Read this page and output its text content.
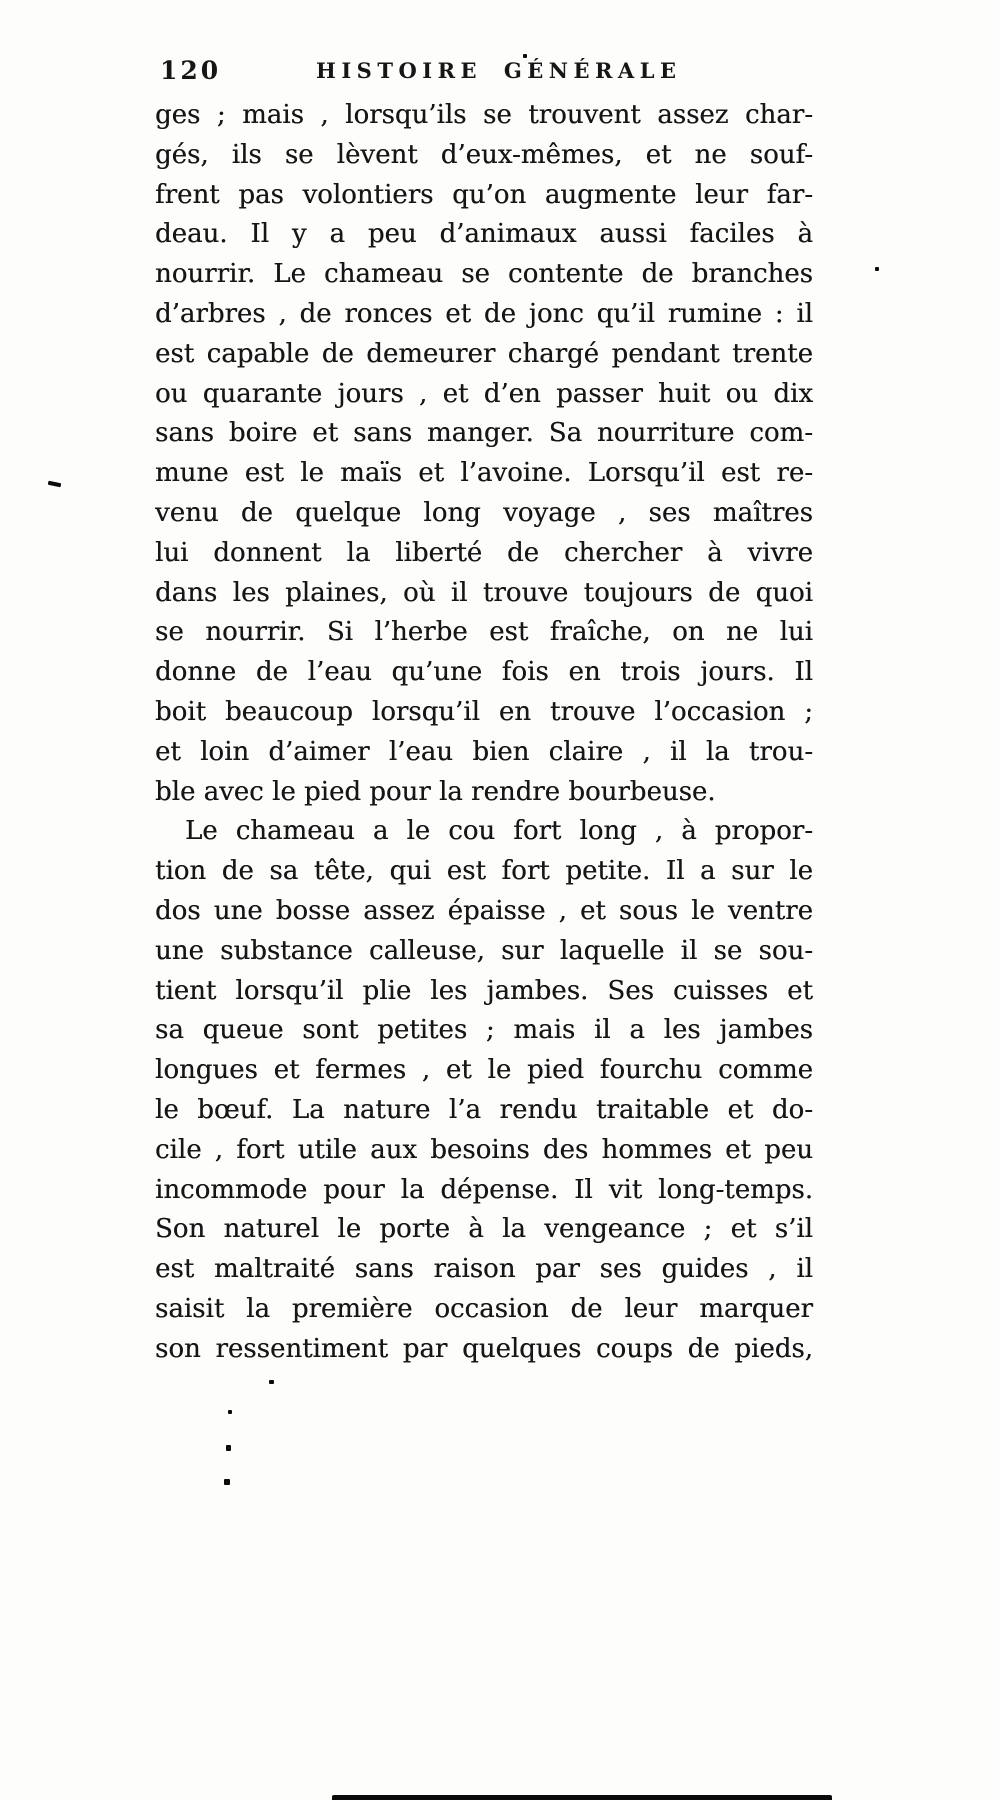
120	HISTOIRE GÉNÉRALE
ges ; mais , lorsqu’ils se trouvent assez char-
gés, ils se lèvent d’eux-mêmes, et ne souf-
frent pas volontiers qu’on augmente leur far-
deau. Il y a peu d’animaux aussi faciles à
nourrir. Le chameau se contente de branches
d’arbres , de ronces et de jonc qu’il rumine : il
est capable de demeurer chargé pendant trente
ou quarante jours , et d’en passer huit ou dix
sans boire et sans manger. Sa nourriture com-
mune est le maïs et l’avoine. Lorsqu’il est re-
venu de quelque long voyage , ses maîtres
lui donnent la liberté de chercher à vivre
dans les plaines, où il trouve toujours de quoi
se nourrir. Si l’herbe est fraîche, on ne lui
donne de l’eau qu’une fois en trois jours. Il
boit beaucoup lorsqu’il en trouve l’occasion ;
et loin d’aimer l’eau bien claire , il la trou-
ble avec le pied pour la rendre bourbeuse.
Le chameau a le cou fort long , à propor-
tion de sa tête, qui est fort petite. Il a sur le
dos une bosse assez épaisse , et sous le ventre
une substance calleuse, sur laquelle il se sou-
tient lorsqu’il plie les jambes. Ses cuisses et
sa queue sont petites ; mais il a les jambes
longues et fermes , et le pied fourchu comme
le bœuf. La nature l’a rendu traitable et do-
cile , fort utile aux besoins des hommes et peu
incommode pour la dépense. Il vit long-temps.
Son naturel le porte à la vengeance ; et s’il
est maltraité sans raison par ses guides , il
saisit la première occasion de leur marquer
son ressentiment par quelques coups de pieds,
